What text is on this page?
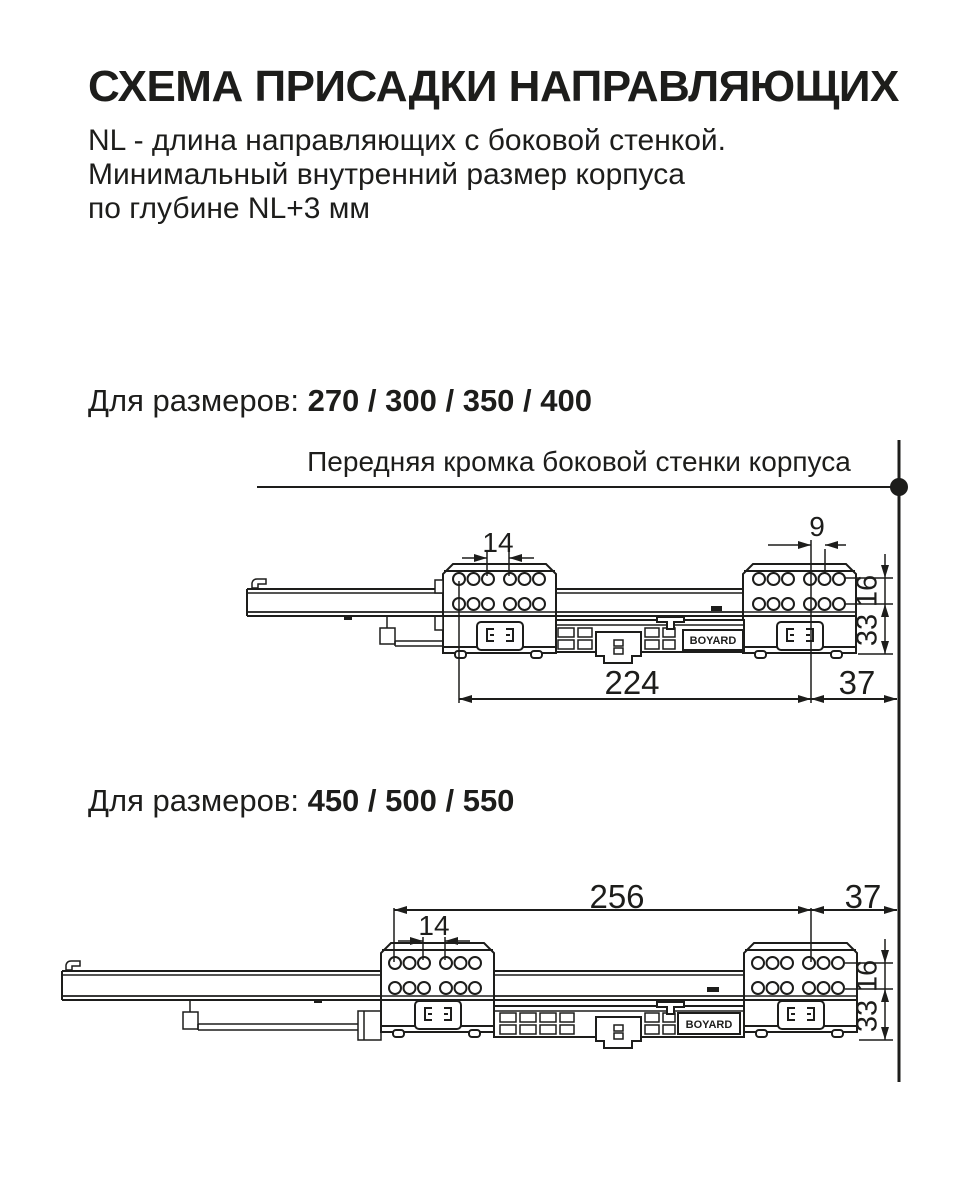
BOYARD
BOYARD
СХЕМА ПРИСАДКИ НАПРАВЛЯЮЩИХ
NL - длина направляющих с боковой стенкой.
Минимальный внутренний размер корпуса
по глубине NL+3 мм
Для размеров: 270 / 300 / 350 / 400
Передняя кромка боковой стенки корпуса
Для размеров: 450 / 500 / 550
14
9
224	37
16
33
256	37
14
16
33
